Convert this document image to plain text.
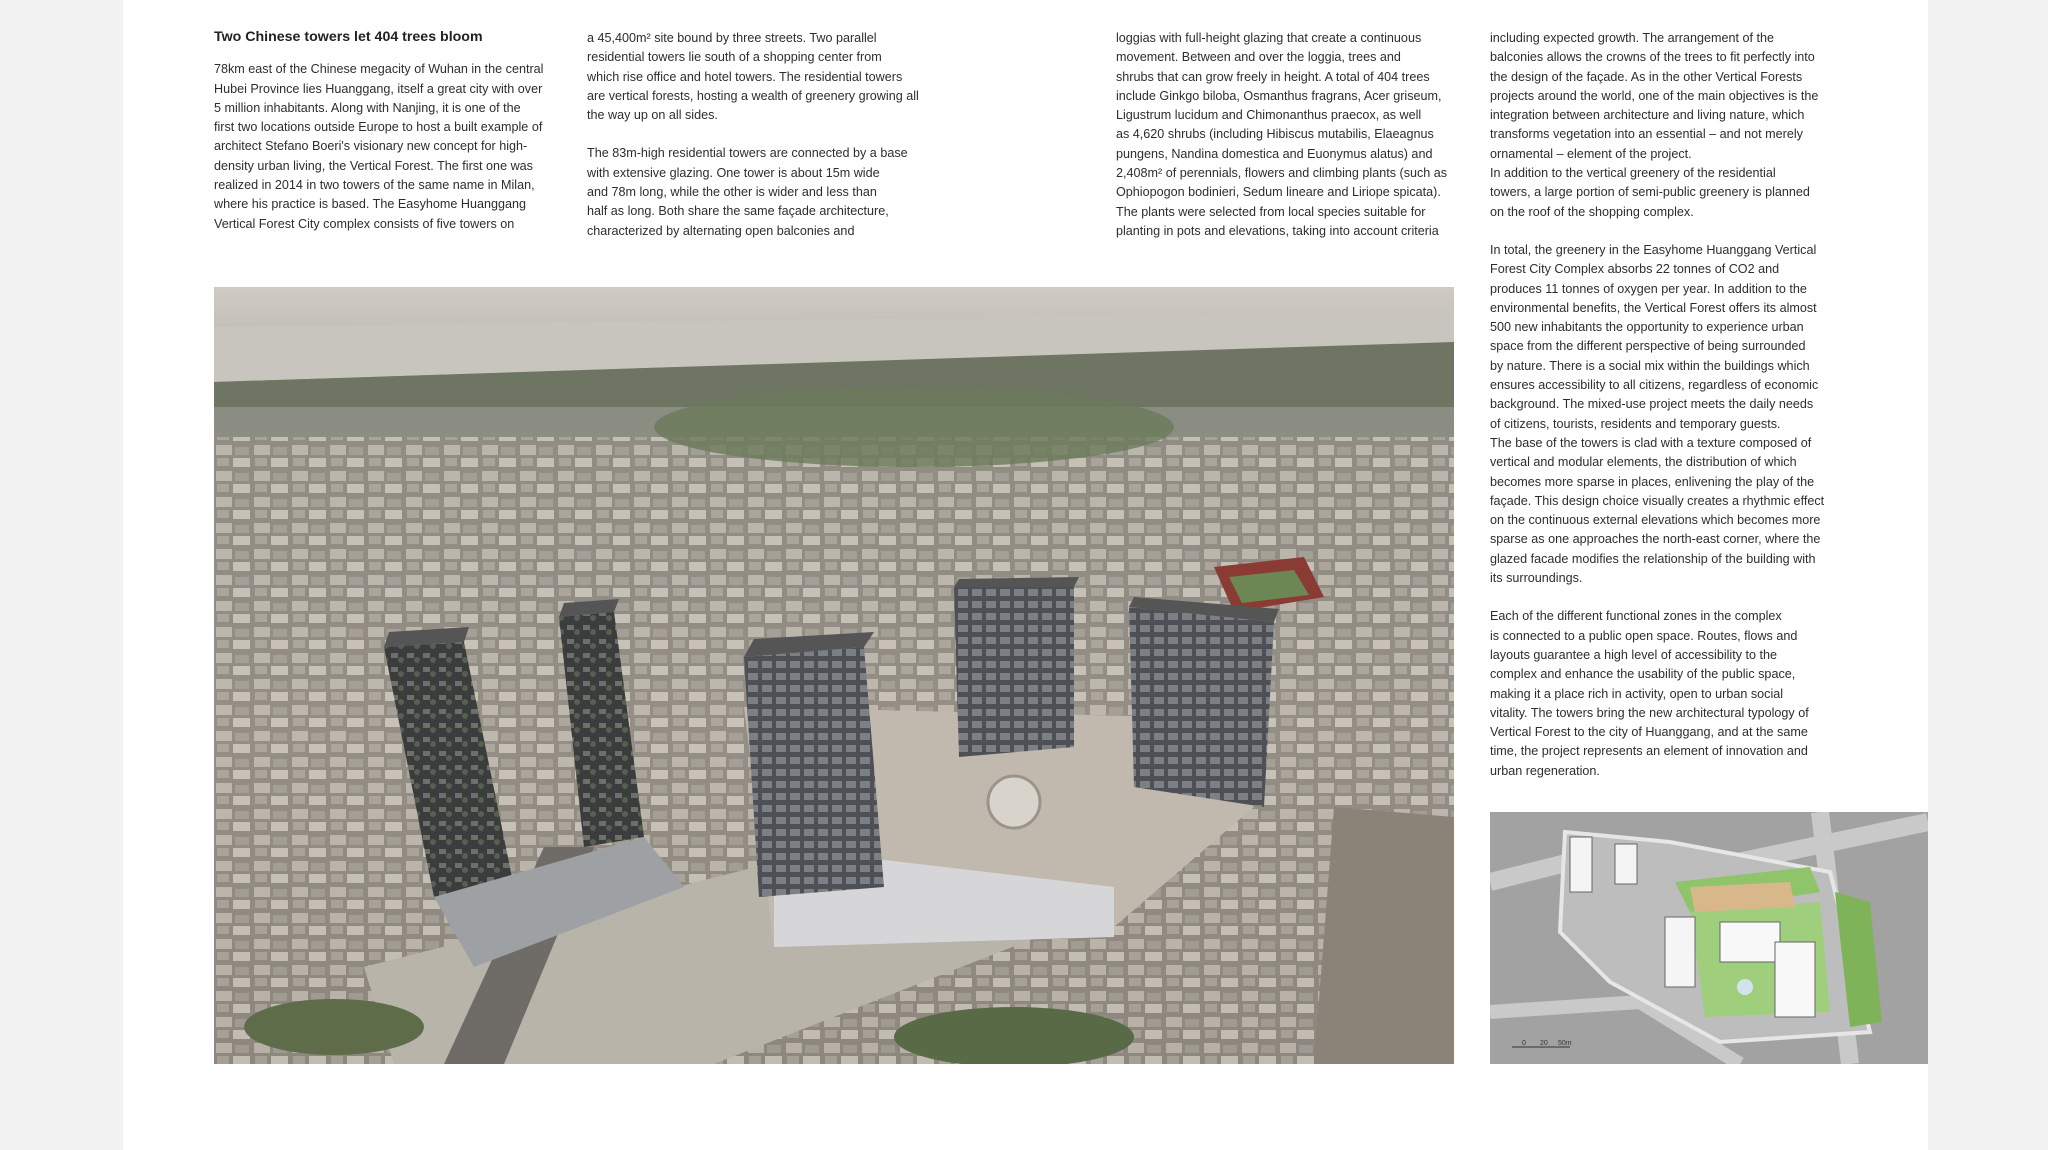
Two Chinese towers let 404 trees bloom

78km east of the Chinese megacity of Wuhan in the central
Hubei Province lies Huanggang, itself a great city with over
5 million inhabitants. Along with Nanjing, it is one of the
first two locations outside Europe to host a built example of
architect Stefano Boeri's visionary new concept for high-
density urban living, the Vertical Forest. The first one was
realized in 2014 in two towers of the same name in Milan,
where his practice is based. The Easyhome Huanggang
Vertical Forest City complex consists of five towers on

a 45,400m² site bound by three streets. Two parallel
residential towers lie south of a shopping center from
which rise office and hotel towers. The residential towers
are vertical forests, hosting a wealth of greenery growing all
the way up on all sides.

The 83m-high residential towers are connected by a base
with extensive glazing. One tower is about 15m wide
and 78m long, while the other is wider and less than
half as long. Both share the same façade architecture,
characterized by alternating open balconies and

loggias with full-height glazing that create a continuous
movement. Between and over the loggia, trees and
shrubs that can grow freely in height. A total of 404 trees
include Ginkgo biloba, Osmanthus fragrans, Acer griseum,
Ligustrum lucidum and Chimonanthus praecox, as well
as 4,620 shrubs (including Hibiscus mutabilis, Elaeagnus
pungens, Nandina domestica and Euonymus alatus) and
2,408m² of perennials, flowers and climbing plants (such as
Ophiopogon bodinieri, Sedum lineare and Liriope spicata).
The plants were selected from local species suitable for
planting in pots and elevations, taking into account criteria

including expected growth. The arrangement of the
balconies allows the crowns of the trees to fit perfectly into
the design of the façade. As in the other Vertical Forests
projects around the world, one of the main objectives is the
integration between architecture and living nature, which
transforms vegetation into an essential – and not merely
ornamental – element of the project.
In addition to the vertical greenery of the residential
towers, a large portion of semi-public greenery is planned
on the roof of the shopping complex.

In total, the greenery in the Easyhome Huanggang Vertical
Forest City Complex absorbs 22 tonnes of CO2 and
produces 11 tonnes of oxygen per year. In addition to the
environmental benefits, the Vertical Forest offers its almost
500 new inhabitants the opportunity to experience urban
space from the different perspective of being surrounded
by nature. There is a social mix within the buildings which
ensures accessibility to all citizens, regardless of economic
background. The mixed-use project meets the daily needs
of citizens, tourists, residents and temporary guests.
The base of the towers is clad with a texture composed of
vertical and modular elements, the distribution of which
becomes more sparse in places, enlivening the play of the
façade. This design choice visually creates a rhythmic effect
on the continuous external elevations which becomes more
sparse as one approaches the north-east corner, where the
glazed facade modifies the relationship of the building with
its surroundings.

Each of the different functional zones in the complex
is connected to a public open space. Routes, flows and
layouts guarantee a high level of accessibility to the
complex and enhance the usability of the public space,
making it a place rich in activity, open to urban social
vitality. The towers bring the new architectural typology of
Vertical Forest to the city of Huanggang, and at the same
time, the project represents an element of innovation and
urban regeneration.

0 20 50m
